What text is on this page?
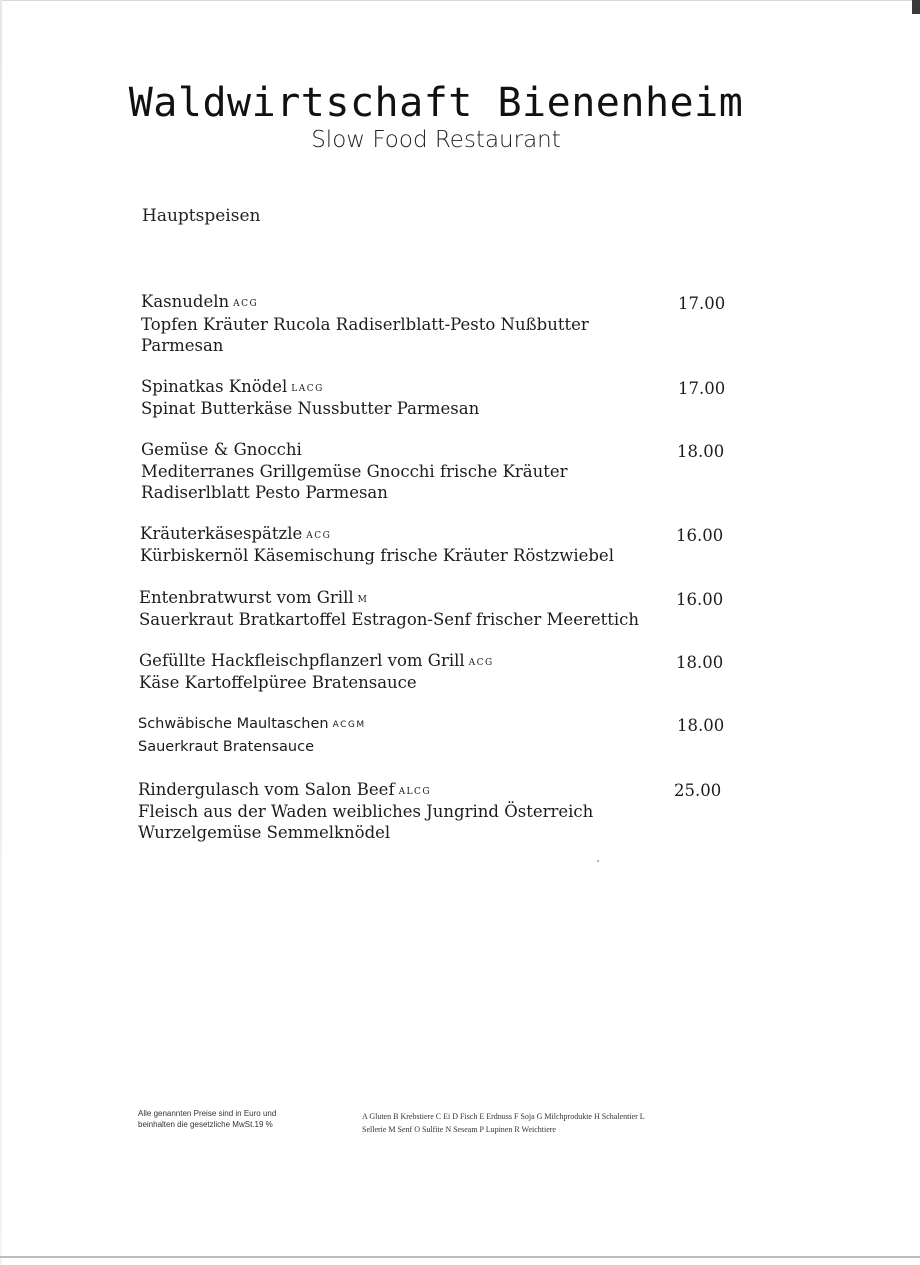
Waldwirtschaft Bienenheim
Slow Food Restaurant
Hauptspeisen
Kasnudeln ACG	17.00
Topfen Kräuter Rucola Radiserlblatt-Pesto Nußbutter
Parmesan
Spinatkas Knödel LACG	17.00
Spinat Butterkäse Nussbutter Parmesan
Gemüse & Gnocchi	18.00
Mediterranes Grillgemüse Gnocchi frische Kräuter
Radiserlblatt Pesto Parmesan
Kräuterkäsespätzle ACG	16.00
Kürbiskernöl Käsemischung frische Kräuter Röstzwiebel
Entenbratwurst vom Grill M	16.00
Sauerkraut Bratkartoffel Estragon-Senf frischer Meerettich
Gefüllte Hackfleischpflanzerl vom Grill ACG	18.00
Käse Kartoffelpüree Bratensauce
Schwäbische Maultaschen ACGM	18.00
Sauerkraut Bratensauce
Rindergulasch vom Salon Beef ALCG	25.00
Fleisch aus der Waden weibliches Jungrind Österreich
Wurzelgemüse Semmelknödel
Alle genannten Preise sind in Euro und
beinhalten die gesetzliche MwSt.19 %
A Gluten B Krebstiere C Ei D Fisch E Erdnuss F Soja G Milchprodukte H Schalentier L
Sellerie M Senf O Sulfite N Seseam P Lupinen R Weichtiere
